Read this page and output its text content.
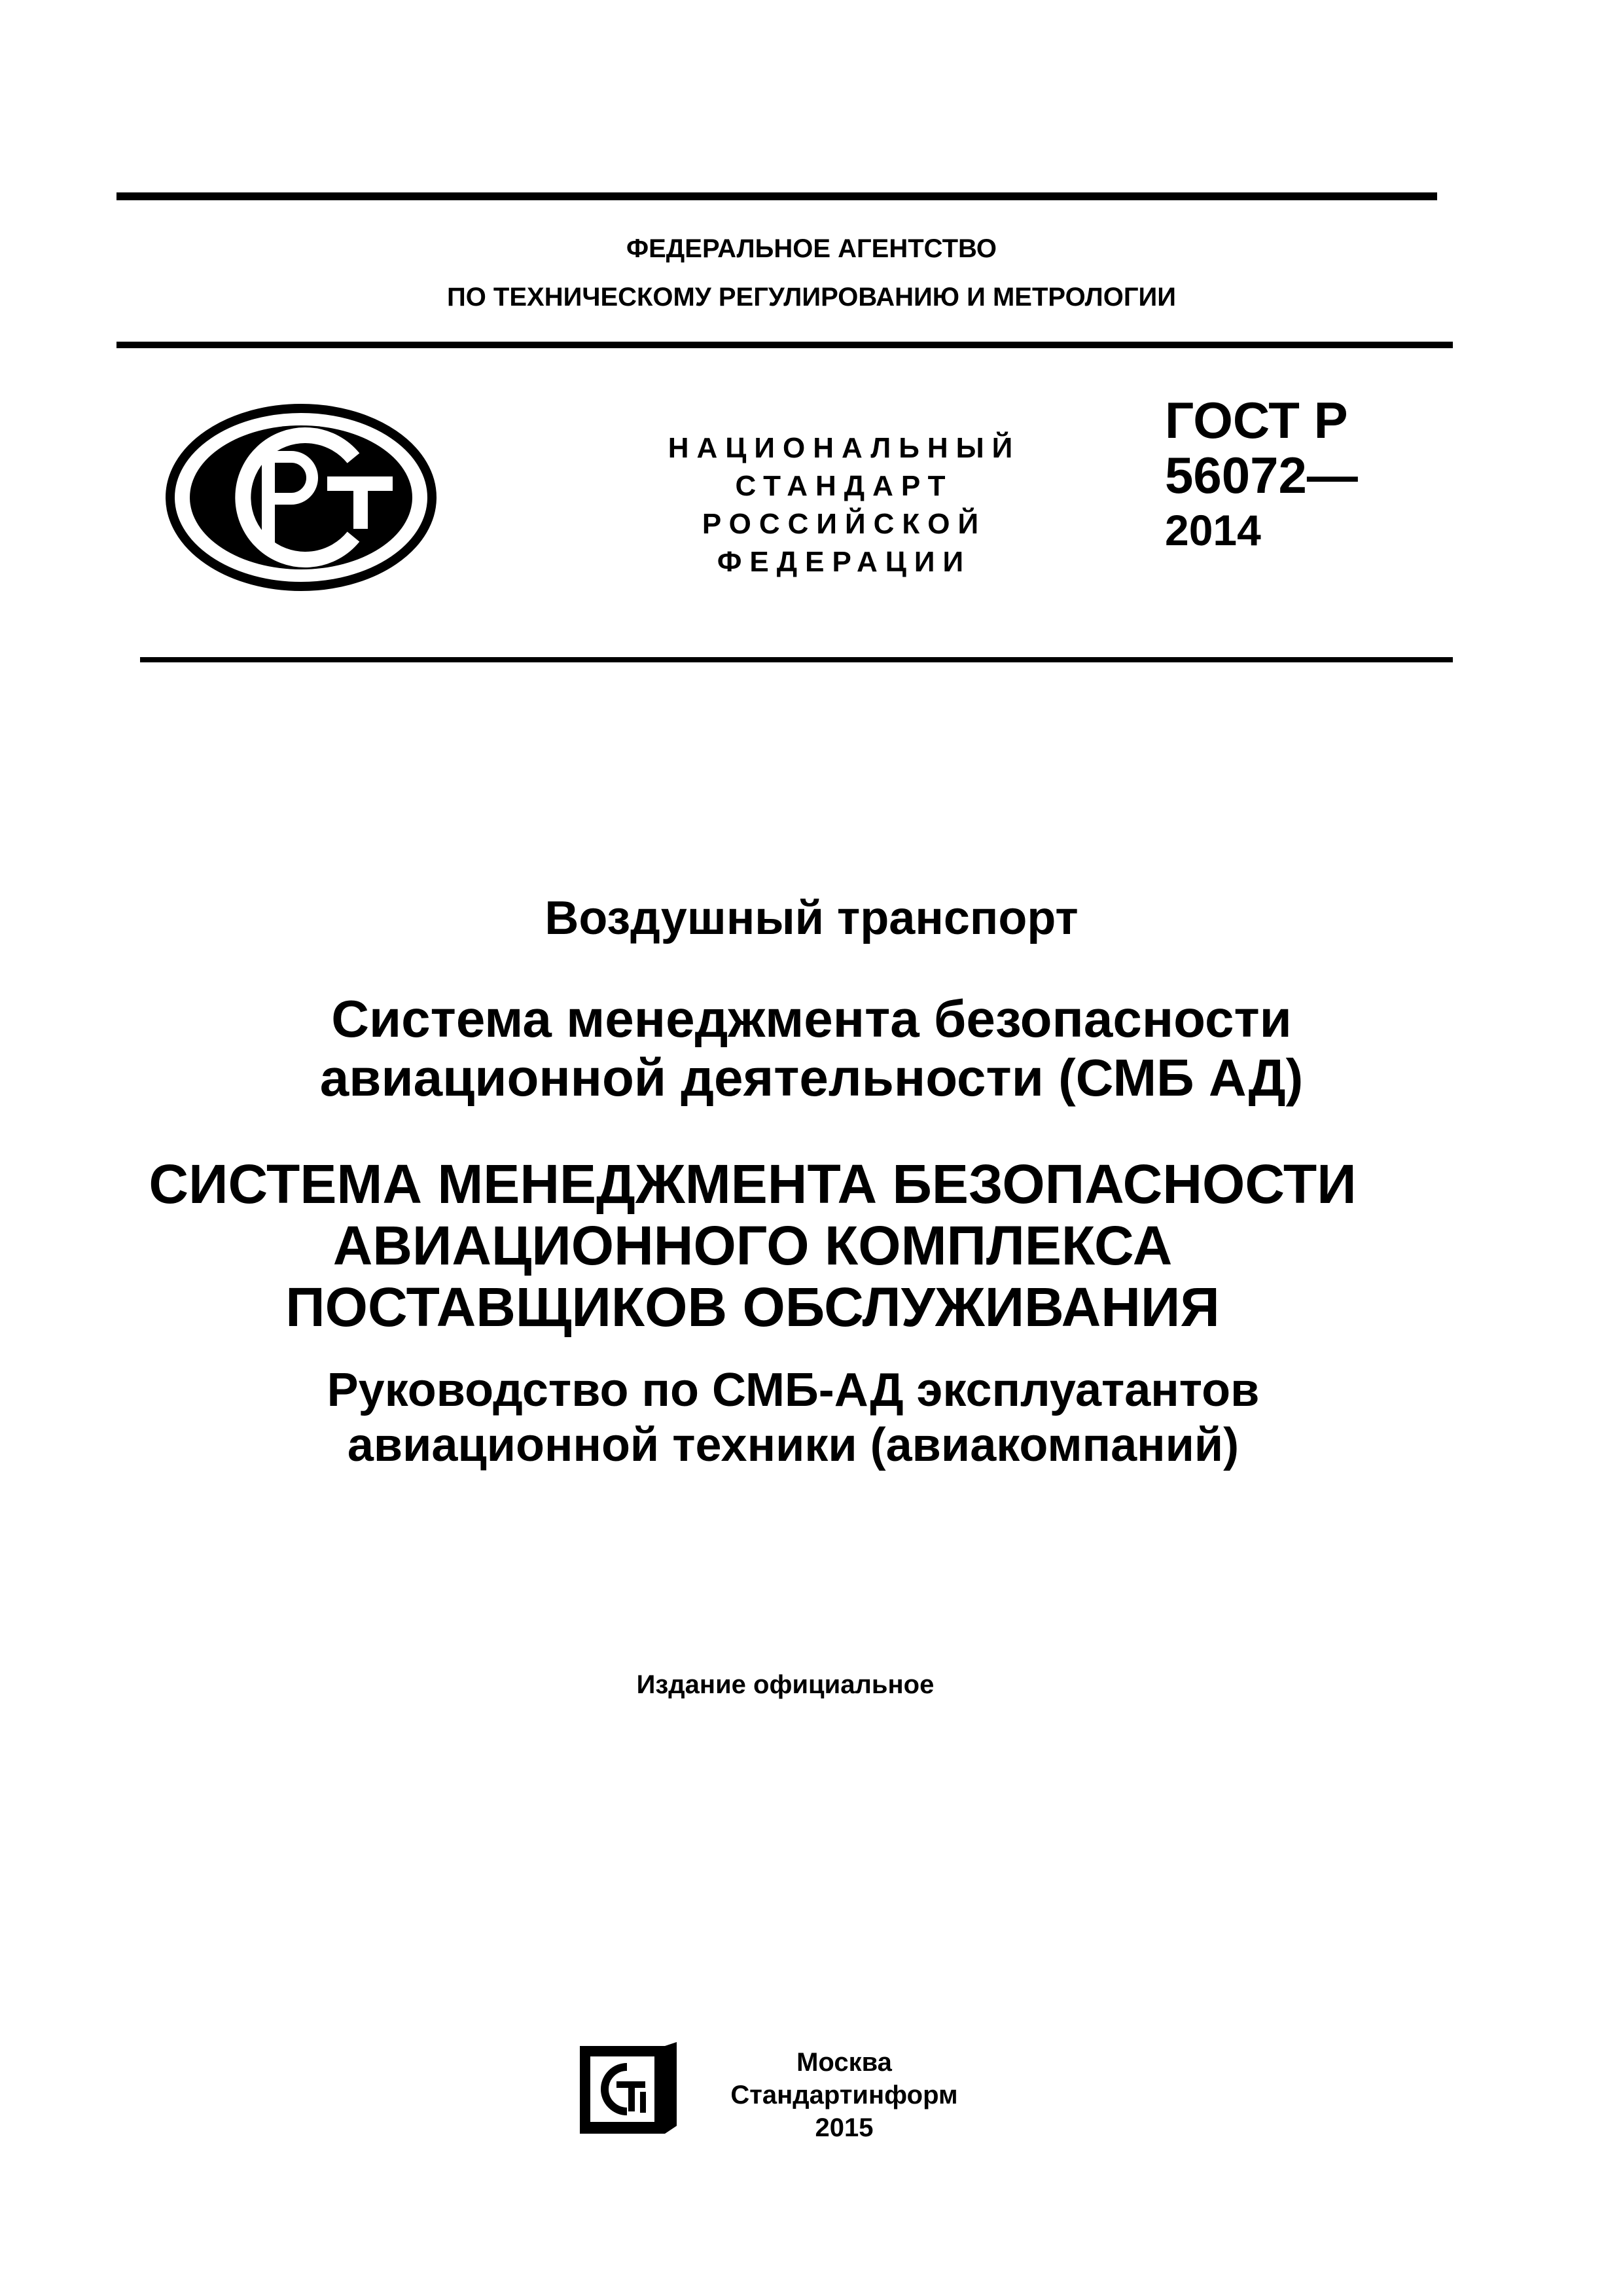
ФЕДЕРАЛЬНОЕ АГЕНТСТВО
ПО ТЕХНИЧЕСКОМУ РЕГУЛИРОВАНИЮ И МЕТРОЛОГИИ
НАЦИОНАЛЬНЫЙ
СТАНДАРТ
РОССИЙСКОЙ
ФЕДЕРАЦИИ
ГОСТ Р
56072—
2014
Воздушный транспорт
Система менеджмента безопасности
авиационной деятельности (СМБ АД)
СИСТЕМА МЕНЕДЖМЕНТА БЕЗОПАСНОСТИ
АВИАЦИОННОГО КОМПЛЕКСА
ПОСТАВЩИКОВ ОБСЛУЖИВАНИЯ
Руководство по СМБ-АД эксплуатантов
авиационной техники (авиакомпаний)
Издание официальное
Москва
Стандартинформ
2015
